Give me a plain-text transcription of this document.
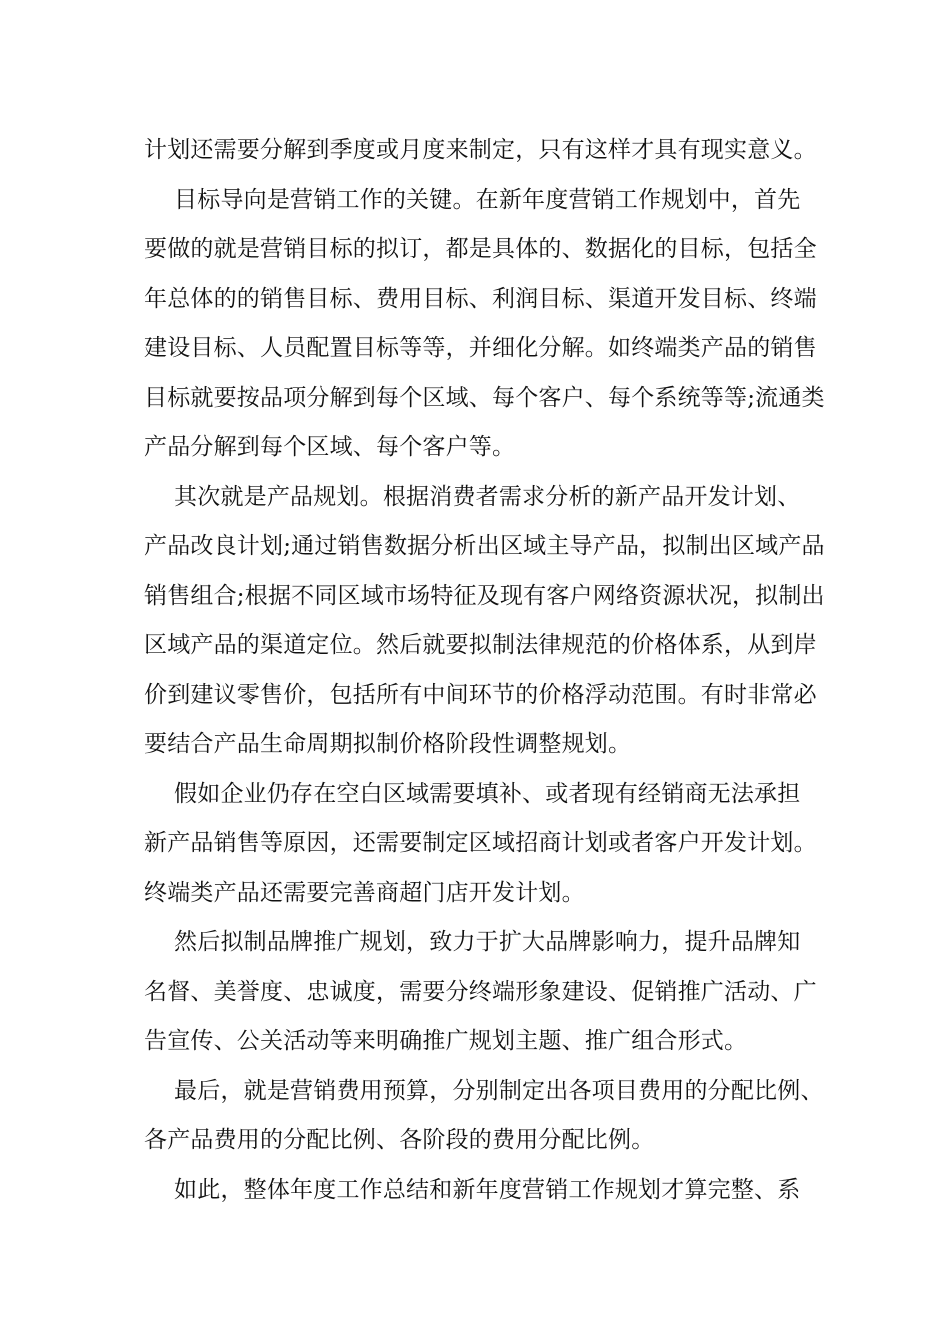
计划还需要分解到季度或月度来制定，只有这样才具有现实意义。
目标导向是营销工作的关键。在新年度营销工作规划中，首先
要做的就是营销目标的拟订，都是具体的、数据化的目标，包括全
年总体的的销售目标、费用目标、利润目标、渠道开发目标、终端
建设目标、人员配置目标等等，并细化分解。如终端类产品的销售
目标就要按品项分解到每个区域、每个客户、每个系统等等;流通类
产品分解到每个区域、每个客户等。
其次就是产品规划。根据消费者需求分析的新产品开发计划、
产品改良计划;通过销售数据分析出区域主导产品，拟制出区域产品
销售组合;根据不同区域市场特征及现有客户网络资源状况，拟制出
区域产品的渠道定位。然后就要拟制法律规范的价格体系，从到岸
价到建议零售价，包括所有中间环节的价格浮动范围。有时非常必
要结合产品生命周期拟制价格阶段性调整规划。
假如企业仍存在空白区域需要填补、或者现有经销商无法承担
新产品销售等原因，还需要制定区域招商计划或者客户开发计划。
终端类产品还需要完善商超门店开发计划。
然后拟制品牌推广规划，致力于扩大品牌影响力，提升品牌知
名督、美誉度、忠诚度，需要分终端形象建设、促销推广活动、广
告宣传、公关活动等来明确推广规划主题、推广组合形式。
最后，就是营销费用预算，分别制定出各项目费用的分配比例、
各产品费用的分配比例、各阶段的费用分配比例。
如此，整体年度工作总结和新年度营销工作规划才算完整、系
